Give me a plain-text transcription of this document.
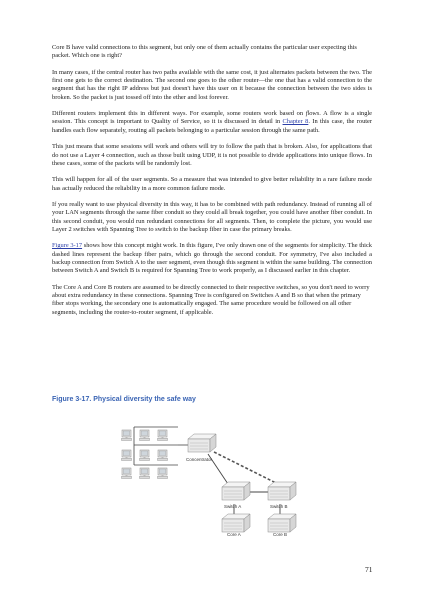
Core B have valid connections to this segment, but only one of them actually contains the particular user expecting this packet. Which one is right?

In many cases, if the central router has two paths available with the same cost, it just alternates packets between the two. The first one gets to the correct destination. The second one goes to the other router—the one that has a valid connection to the segment that has the right IP address but just doesn't have this user on it because the connection between the two sides is broken. So the packet is just tossed off into the ether and lost forever.

Different routers implement this in different ways. For example, some routers work based on flows. A flow is a single session. This concept is important to Quality of Service, so it is discussed in detail in Chapter 8. In this case, the router handles each flow separately, routing all packets belonging to a particular session through the same path.

This just means that some sessions will work and others will try to follow the path that is broken. Also, for applications that do not use a Layer 4 connection, such as those built using UDP, it is not possible to divide applications into unique flows. In these cases, some of the packets will be randomly lost.

This will happen for all of the user segments. So a measure that was intended to give better reliability in a rare failure mode has actually reduced the reliability in a more common failure mode.

If you really want to use physical diversity in this way, it has to be combined with path redundancy. Instead of running all of your LAN segments through the same fiber conduit so they could all break together, you could have another fiber conduit. In this second conduit, you would run redundant connections for all segments. Then, to complete the picture, you would use Layer 2 switches with Spanning Tree to switch to the backup fiber in case the primary breaks.

Figure 3-17 shows how this concept might work. In this figure, I've only drawn one of the segments for simplicity. The thick dashed lines represent the backup fiber pairs, which go through the second conduit. For symmetry, I've also included a backup connection from Switch A to the user segment, even though this segment is within the same building. The connection between Switch A and Switch B is required for Spanning Tree to work properly, as I discussed earlier in this chapter.

The Core A and Core B routers are assumed to be directly connected to their respective switches, so you don't need to worry about extra redundancy in these connections. Spanning Tree is configured on Switches A and B so that when the primary fiber stops working, the secondary one is automatically engaged. The same procedure would be followed on all other segments, including the router-to-router segment, if applicable.

Figure 3-17. Physical diversity the safe way
Concentrator
Switch A	Switch B
Core A	Core B
71
